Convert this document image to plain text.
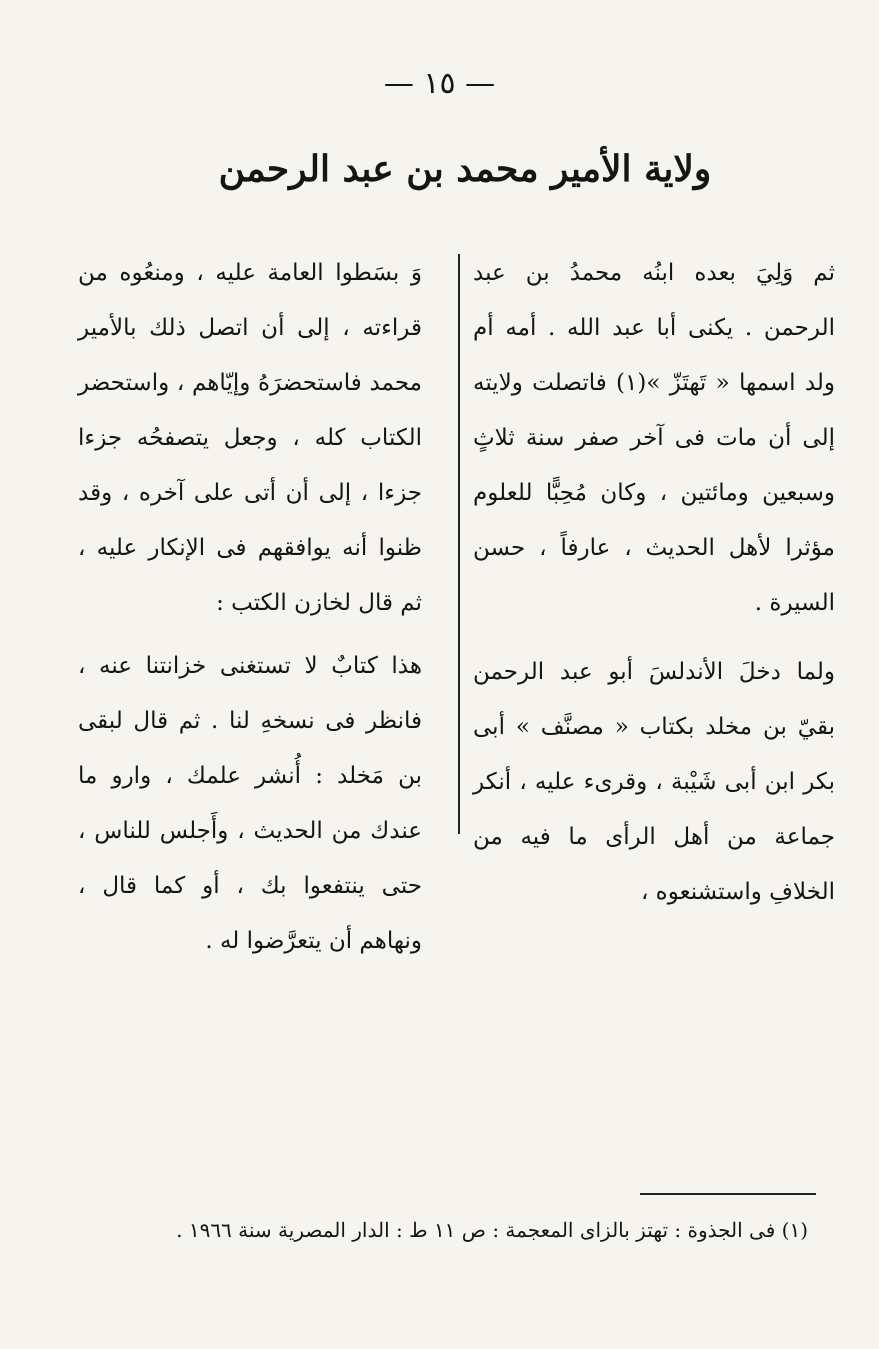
— ١٥ —
ولاية الأمير محمد بن عبد الرحمن

ثم وَلِيَ بعده ابنُه محمدُ بن عبد الرحمن . يكنى أبا عبد الله . أمه أم ولد اسمها « تَهتَزّ »(١) فاتصلت ولايته إلى أن مات فى آخر صفر سنة ثلاثٍ وسبعين ومائتين ، وكان مُحِبًّا للعلوم مؤثرا لأهل الحديث ، عارفاً ، حسن السيرة .

ولما دخلَ الأندلسَ أبو عبد الرحمن بقيّ بن مخلد بكتاب « مصنَّف » أبى بكر ابن أبى شَيْبة ، وقرىء عليه ، أنكر جماعة من أهل الرأى ما فيه من الخلافِ واستشنعوه ،

وَ بسَطوا العامة عليه ، ومنعُوه من قراءته ، إلى أن اتصل ذلك بالأمير محمد فاستحضرَهُ وإيّاهم ، واستحضر الكتاب كله ، وجعل يتصفحُه جزءا جزءا ، إلى أن أتى على آخره ، وقد ظنوا أنه يوافقهم فى الإنكار عليه ، ثم قال لخازن الكتب :

هذا كتابٌ لا تستغنى خزانتنا عنه ، فانظر فى نسخهِ لنا . ثم قال لبقى بن مَخلد : أُنشر علمك ، وارو ما عندك من الحديث ، وأَجلس للناس ، حتى ينتفعوا بك ، أو كما قال ، ونهاهم أن يتعرَّضوا له .

(١) فى الجذوة : تهتز بالزاى المعجمة : ص ١١ ط : الدار المصرية سنة ١٩٦٦ .
